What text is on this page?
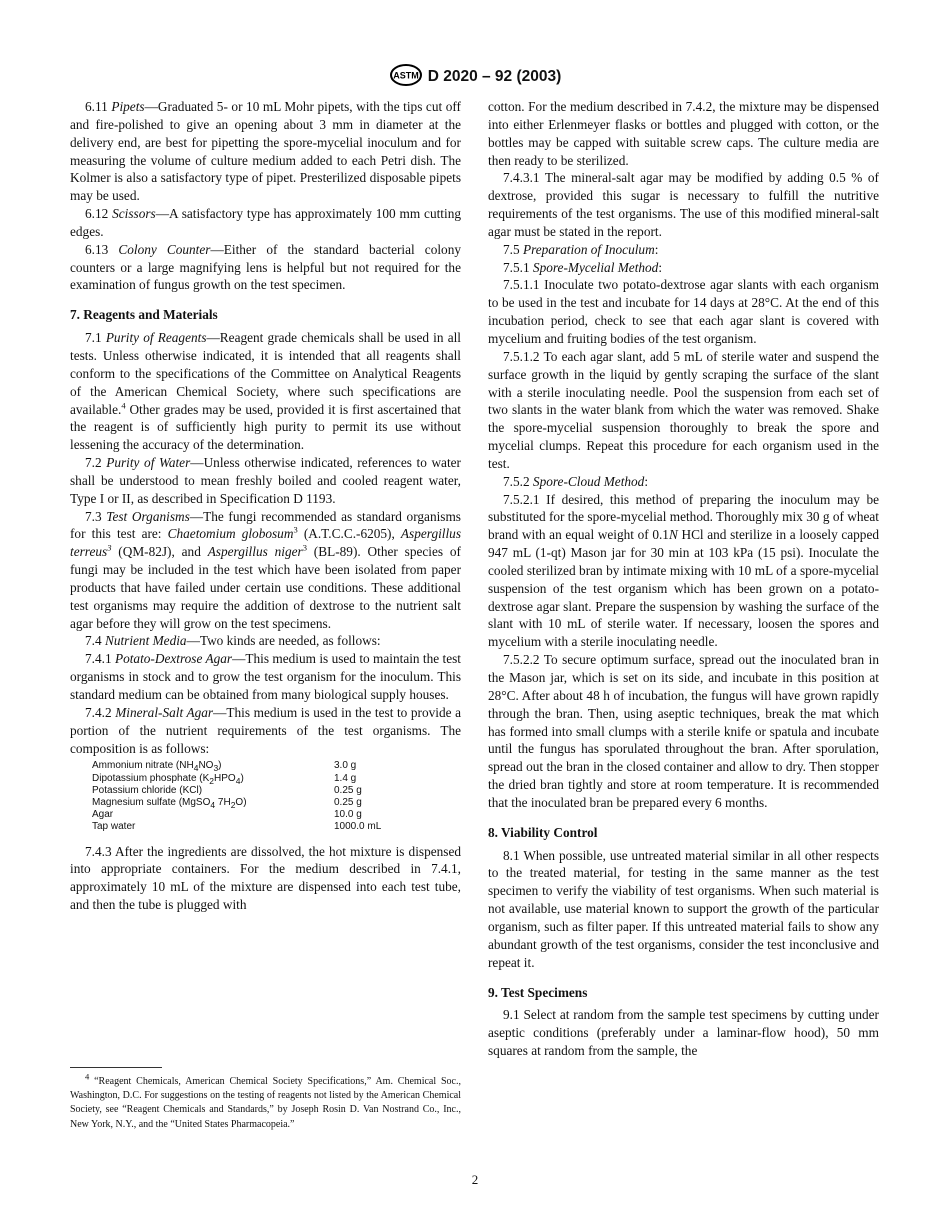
ASTM D 2020 – 92 (2003)

6.11 Pipets—Graduated 5- or 10 mL Mohr pipets, with the tips cut off and fire-polished to give an opening about 3 mm in diameter at the delivery end, are best for pipetting the spore-mycelial inoculum and for measuring the volume of culture medium added to each Petri dish. The Kolmer is also a satisfactory type of pipet. Presterilized disposable pipets may be used.

6.12 Scissors—A satisfactory type has approximately 100 mm cutting edges.

6.13 Colony Counter—Either of the standard bacterial colony counters or a large magnifying lens is helpful but not required for the examination of fungus growth on the test specimen.

7. Reagents and Materials

7.1 Purity of Reagents—Reagent grade chemicals shall be used in all tests. Unless otherwise indicated, it is intended that all reagents shall conform to the specifications of the Committee on Analytical Reagents of the American Chemical Society, where such specifications are available.$^4$ Other grades may be used, provided it is first ascertained that the reagent is of sufficiently high purity to permit its use without lessening the accuracy of the determination.

7.2 Purity of Water—Unless otherwise indicated, references to water shall be understood to mean freshly boiled and cooled reagent water, Type I or II, as described in Specification D 1193.

7.3 Test Organisms—The fungi recommended as standard organisms for this test are: Chaetomium globosum$^3$ (A.T.C.C.-6205), Aspergillus terreus$^3$ (QM-82J), and Aspergillus niger$^3$ (BL-89). Other species of fungi may be included in the test which have been isolated from paper products that have failed under certain use conditions. These additional test organisms may require the addition of dextrose to the nutrient salt agar before they will grow on the test specimens.

7.4 Nutrient Media—Two kinds are needed, as follows:

7.4.1 Potato-Dextrose Agar—This medium is used to maintain the test organisms in stock and to grow the test organism for the inoculum. This standard medium can be obtained from many biological supply houses.

7.4.2 Mineral-Salt Agar—This medium is used in the test to provide a portion of the nutrient requirements of the test organisms. The composition is as follows:

Ammonium nitrate $(NH_4NO_3)$	3.0 g
Dipotassium phosphate $(K_2HPO_4)$	1.4 g
Potassium chloride (KCl)	0.25 g
Magnesium sulfate (MgSO$_4$ $7H_2O$)	0.25 g
Agar	10.0 g
Tap water	1000.0 mL

7.4.3 After the ingredients are dissolved, the hot mixture is dispensed into appropriate containers. For the medium described in 7.4.1, approximately 10 mL of the mixture are dispensed into each test tube, and then the tube is plugged with

cotton. For the medium described in 7.4.2, the mixture may be dispensed into either Erlenmeyer flasks or bottles and plugged with cotton, or the bottles may be capped with suitable screw caps. The culture media are then ready to be sterilized.

7.4.3.1 The mineral-salt agar may be modified by adding 0.5 % of dextrose, provided this sugar is necessary to fulfill the nutritive requirements of the test organisms. The use of this modified mineral-salt agar must be stated in the report.

7.5 Preparation of Inoculum:

7.5.1 Spore-Mycelial Method:

7.5.1.1 Inoculate two potato-dextrose agar slants with each organism to be used in the test and incubate for 14 days at 28°C. At the end of this incubation period, check to see that each agar slant is covered with mycelium and fruiting bodies of the test organism.

7.5.1.2 To each agar slant, add 5 mL of sterile water and suspend the surface growth in the liquid by gently scraping the surface of the slant with a sterile inoculating needle. Pool the suspension from each set of two slants in the water blank from which the water was removed. Shake the spore-mycelial suspension thoroughly to break the spore and mycelial clumps. Repeat this procedure for each organism used in the test.

7.5.2 Spore-Cloud Method:

7.5.2.1 If desired, this method of preparing the inoculum may be substituted for the spore-mycelial method. Thoroughly mix 30 g of wheat brand with an equal weight of 0.1N HCl and sterilize in a loosely capped 947 mL (1-qt) Mason jar for 30 min at 103 kPa (15 psi). Inoculate the cooled sterilized bran by intimate mixing with 10 mL of a spore-mycelial suspension of the test organism which has been grown on a potato-dextrose agar slant. Prepare the suspension by washing the surface of the slant with 10 mL of sterile water. If necessary, loosen the spores and mycelium with a sterile inoculating needle.

7.5.2.2 To secure optimum surface, spread out the inoculated bran in the Mason jar, which is set on its side, and incubate in this position at 28°C. After about 48 h of incubation, the fungus will have grown rapidly through the bran. Then, using aseptic techniques, break the mat which has formed into small clumps with a sterile knife or spatula and incubate until the fungus has sporulated throughout the bran. After sporulation, spread out the bran in the closed container and allow to dry. Then stopper the dried bran tightly and store at room temperature. It is recommended that the inoculated bran be prepared every 6 months.

8. Viability Control

8.1 When possible, use untreated material similar in all other respects to the treated material, for testing in the same manner as the test specimen to verify the viability of test organisms. When such material is not available, use material known to support the growth of the particular organism, such as filter paper. If this untreated material fails to show any abundant growth of the test organisms, consider the test inconclusive and repeat it.

9. Test Specimens

9.1 Select at random from the sample test specimens by cutting under aseptic conditions (preferably under a laminar-flow hood), 50 mm squares at random from the sample, the

$^4$ “Reagent Chemicals, American Chemical Society Specifications,” Am. Chemical Soc., Washington, D.C. For suggestions on the testing of reagents not listed by the American Chemical Society, see “Reagent Chemicals and Standards,” by Joseph Rosin D. Van Nostrand Co., Inc., New York, N.Y., and the “United States Pharmacopeia.”

2
